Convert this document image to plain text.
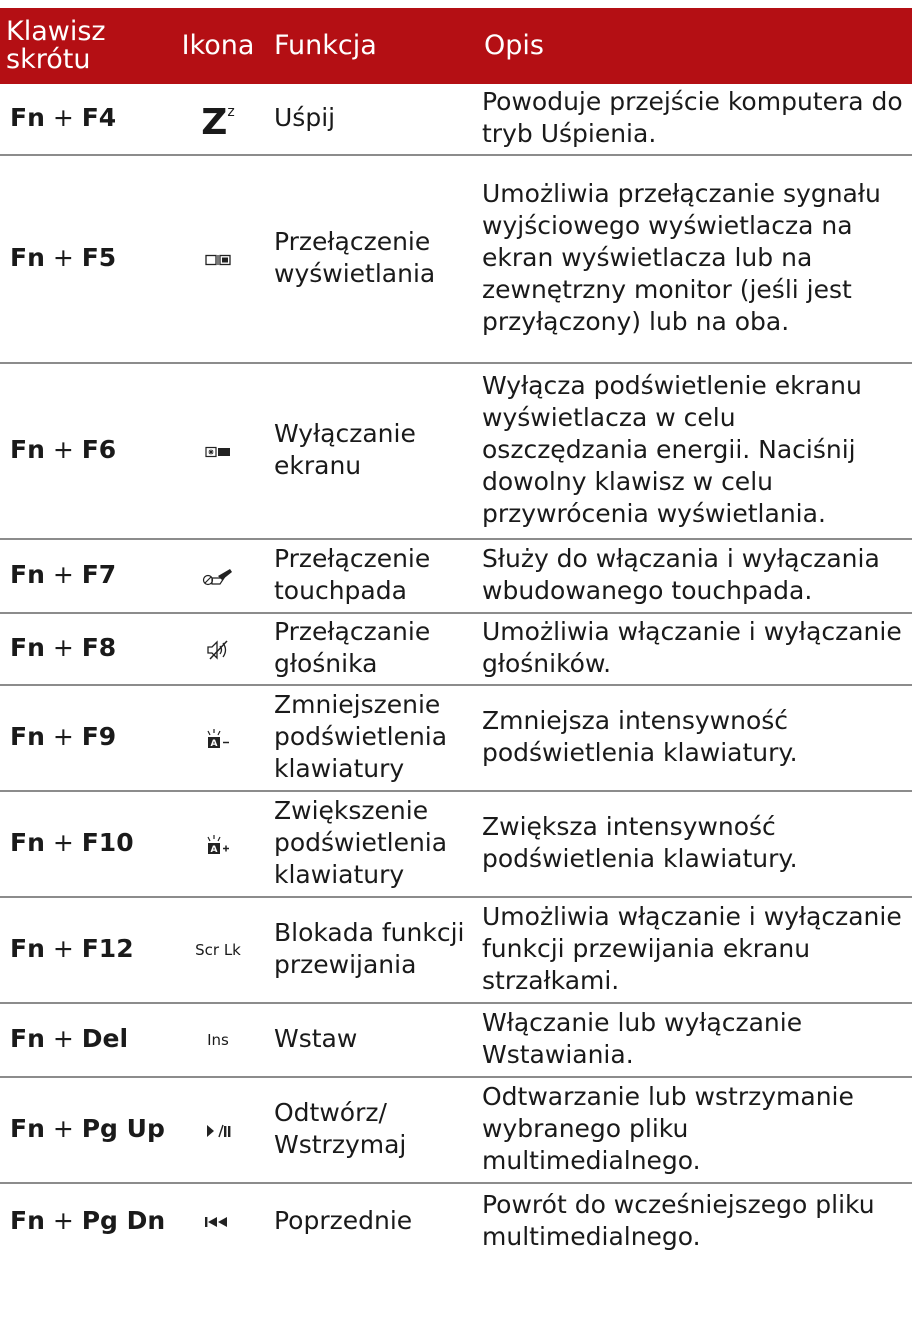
Klawisz skrótu	Ikona	Funkcja	Opis
Fn + F4	$Z^z$	Uśpij	Powoduje przejście komputera do tryb Uśpienia.
Fn + F5		Przełączenie wyświetlania	Umożliwia przełączanie sygnału wyjściowego wyświetlacza na ekran wyświetlacza lub na zewnętrzny monitor (jeśli jest przyłączony) lub na oba.
Fn + F6		Wyłączanie ekranu	Wyłącza podświetlenie ekranu wyświetlacza w celu oszczędzania energii. Naciśnij dowolny klawisz w celu przywrócenia wyświetlania.
Fn + F7		Przełączenie touchpada	Służy do włączania i wyłączania wbudowanego touchpada.
Fn + F8		Przełączanie głośnika	Umożliwia włączanie i wyłączanie głośników.
Fn + F9	A	Zmniejszenie podświetlenia klawiatury	Zmniejsza intensywność podświetlenia klawiatury.
Fn + F10	A	Zwiększenie podświetlenia klawiatury	Zwiększa intensywność podświetlenia klawiatury.
Fn + F12	Scr Lk	Blokada funkcji przewijania	Umożliwia włączanie i wyłączanie funkcji przewijania ekranu strzałkami.
Fn + Del	Ins	Wstaw	Włączanie lub wyłączanie Wstawiania.
Fn + Pg Up		Odtwórz/ Wstrzymaj	Odtwarzanie lub wstrzymanie wybranego pliku multimedialnego.
Fn + Pg Dn		Poprzednie	Powrót do wcześniejszego pliku multimedialnego.
